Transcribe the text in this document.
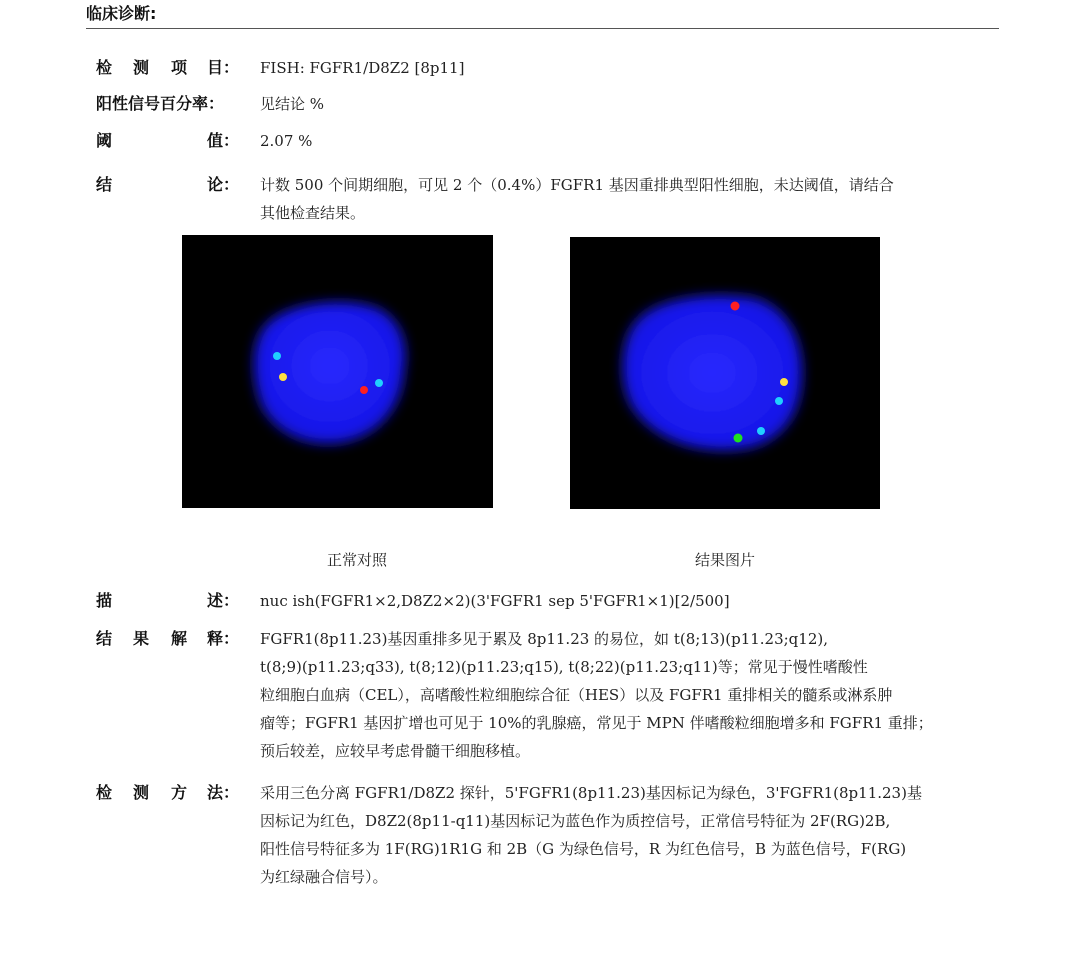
临床诊断:
检 测 项 目： FISH: FGFR1/D8Z2 [8p11]
阳性信号百分率：	见结论 %
阈	值： 2.07 %
结	论： 计数 500 个间期细胞，可见 2 个（0.4%）FGFR1 基因重排典型阳性细胞，未达阈值，请结合

其他检查结果。

正常对照	结果图片
描	述： nuc ish(FGFR1×2,D8Z2×2)(3'FGFR1 sep 5'FGFR1×1)[2/500]
结 果 解 释： FGFR1(8p11.23)基因重排多见于累及 8p11.23 的易位，如 t(8;13)(p11.23;q12),

t(8;9)(p11.23;q33), t(8;12)(p11.23;q15), t(8;22)(p11.23;q11)等；常见于慢性嗜酸性

粒细胞白血病（CEL），高嗜酸性粒细胞综合征（HES）以及 FGFR1 重排相关的髓系或淋系肿

瘤等；FGFR1 基因扩增也可见于 10%的乳腺癌，常见于 MPN 伴嗜酸粒细胞增多和 FGFR1 重排；

预后较差，应较早考虑骨髓干细胞移植。

检 测 方 法： 采用三色分离 FGFR1/D8Z2 探针，5'FGFR1(8p11.23)基因标记为绿色，3'FGFR1(8p11.23)基

因标记为红色，D8Z2(8p11-q11)基因标记为蓝色作为质控信号，正常信号特征为 2F(RG)2B,

阳性信号特征多为 1F(RG)1R1G 和 2B（G 为绿色信号，R 为红色信号，B 为蓝色信号，F(RG)

为红绿融合信号）。
